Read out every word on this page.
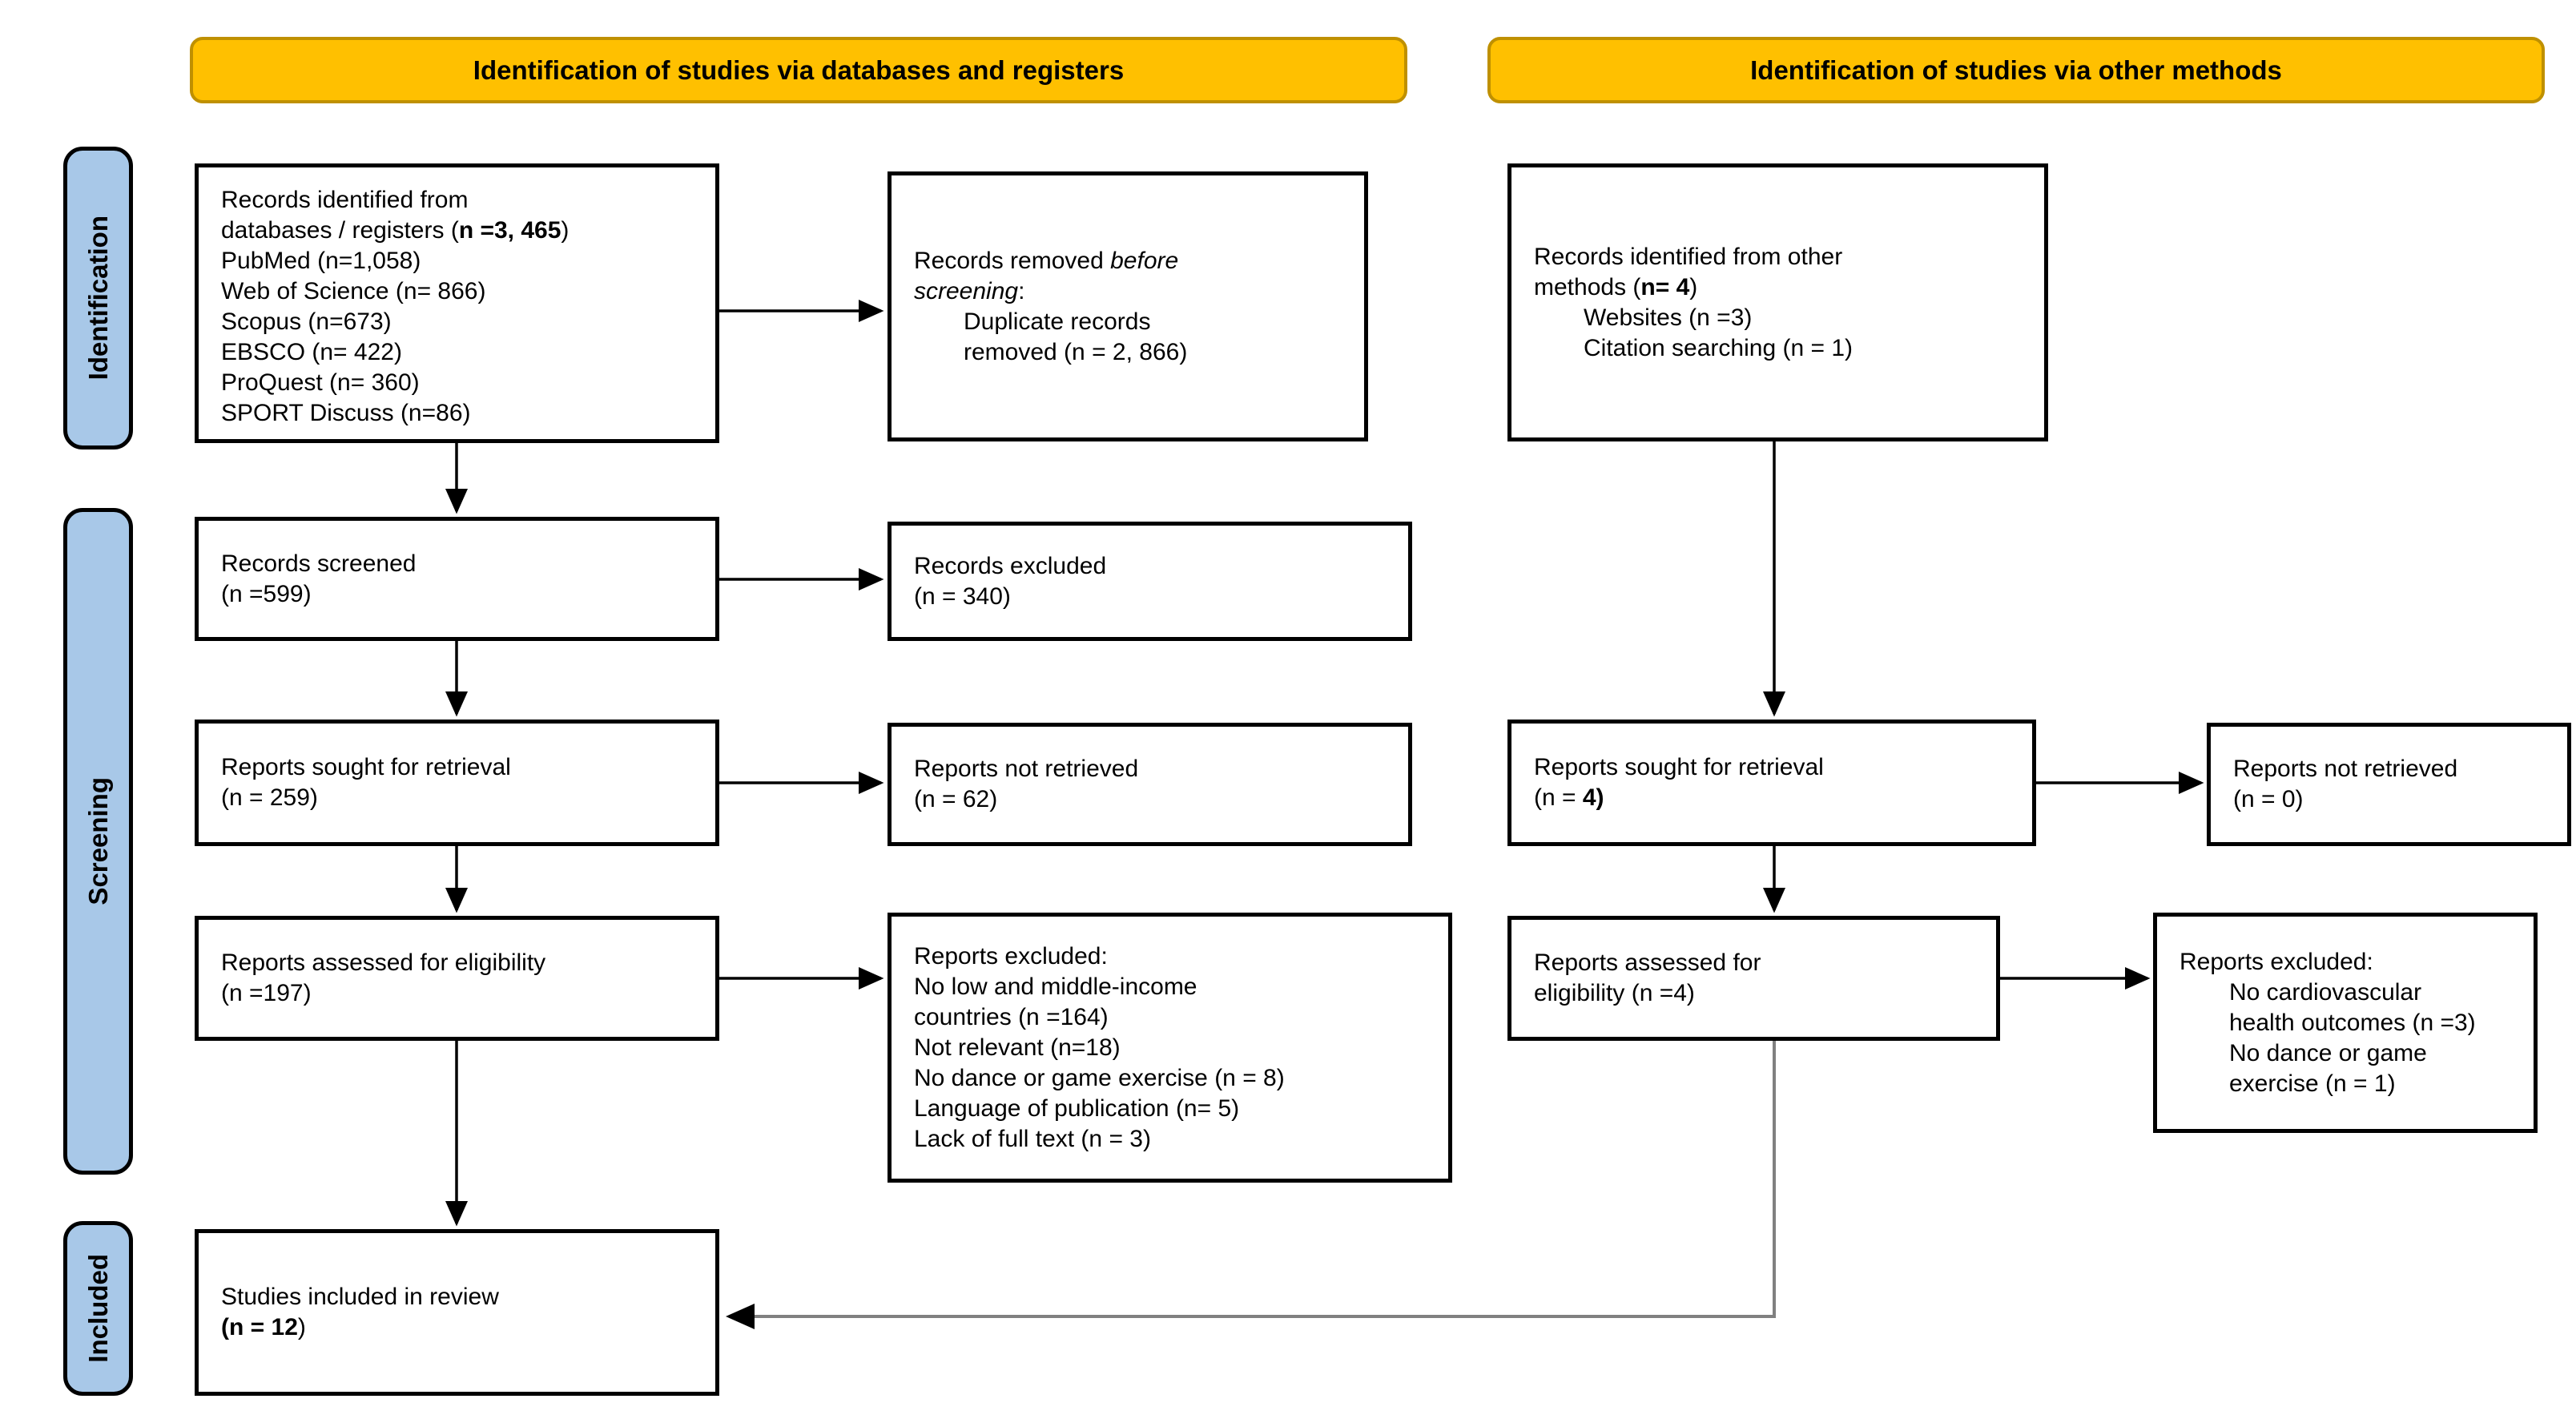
Identification of studies via databases and registers	Identification of studies via other methods
Identification
Screening
Included
Records identified from
databases / registers (n =3, 465)
PubMed (n=1,058)
Web of Science (n= 866)
Scopus (n=673)
EBSCO (n= 422)
ProQuest (n= 360)
SPORT Discuss (n=86)
Records screened
(n =599)
Reports sought for retrieval
(n = 259)
Reports assessed for eligibility
(n =197)
Studies included in review
(n = 12)
Records removed before
screening:
Duplicate records
removed (n = 2, 866)
Records excluded
(n = 340)
Reports not retrieved
(n = 62)
Reports excluded:
No low and middle-income
countries (n =164)
Not relevant (n=18)
No dance or game exercise (n = 8)
Language of publication (n= 5)
Lack of full text (n = 3)
Records identified from other
methods (n= 4)
Websites (n =3)
Citation searching (n = 1)
Reports sought for retrieval
(n = 4)
Reports assessed for
eligibility (n =4)
Reports not retrieved
(n = 0)
Reports excluded:
No cardiovascular
health outcomes (n =3)
No dance or game
exercise (n = 1)
